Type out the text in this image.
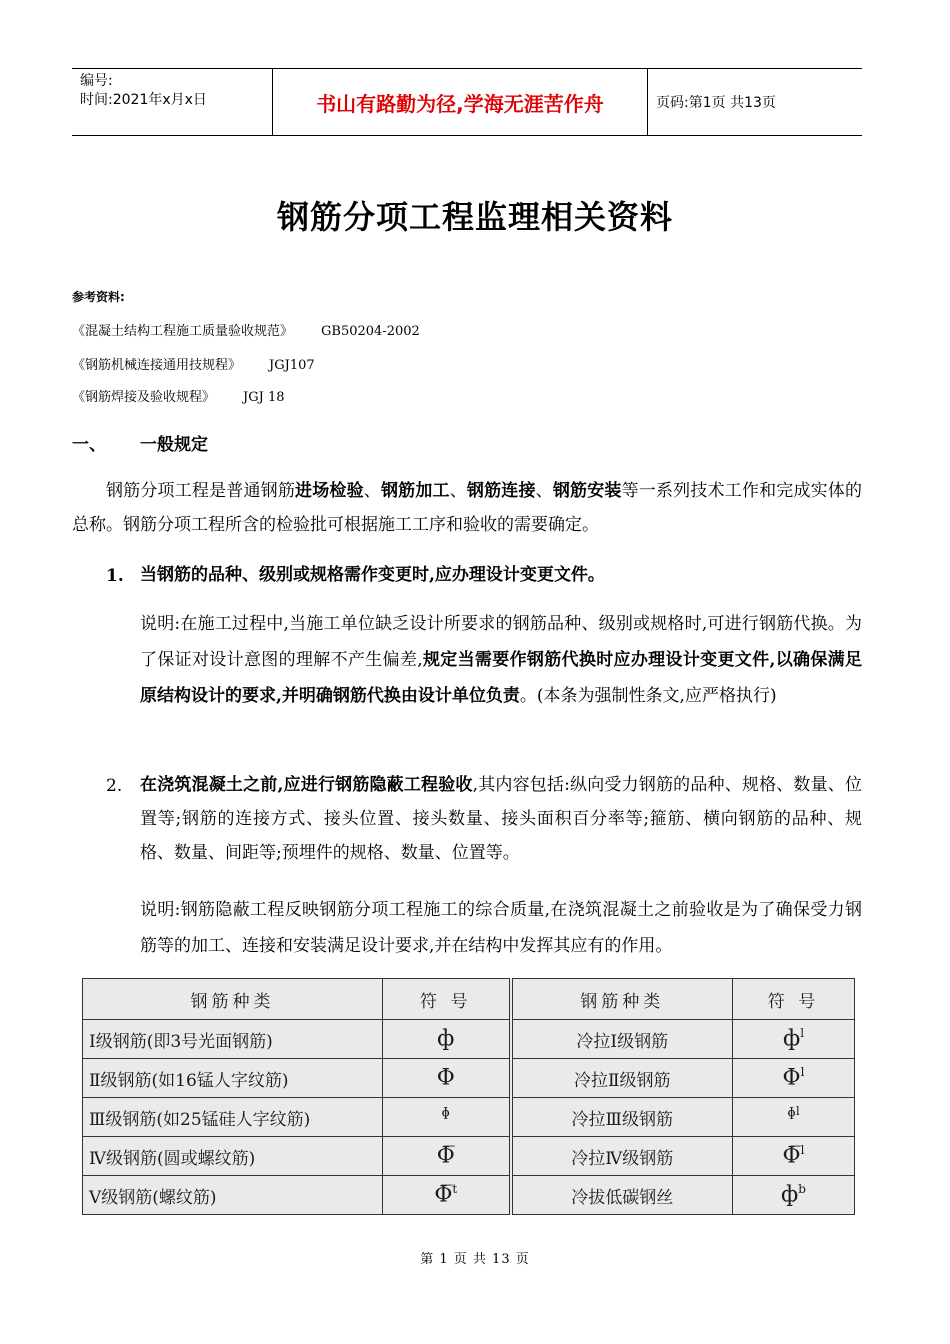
编号:
时间:2021年x月x日	书山有路勤为径,学海无涯苦作舟	页码:第1页 共13页
钢筋分项工程监理相关资料
参考资料:
《混凝土结构工程施工质量验收规范》 GB50204-2002
《钢筋机械连接通用技规程》 JGJ107
《钢筋焊接及验收规程》 JGJ 18
一、 一般规定
钢筋分项工程是普通钢筋进场检验、钢筋加工、钢筋连接、钢筋安装等一系列技术工作和完成实体的总称。钢筋分项工程所含的检验批可根据施工工序和验收的需要确定。
1. 当钢筋的品种、级别或规格需作变更时,应办理设计变更文件。
说明:在施工过程中,当施工单位缺乏设计所要求的钢筋品种、级别或规格时,可进行钢筋代换。为了保证对设计意图的理解不产生偏差,规定当需要作钢筋代换时应办理设计变更文件,以确保满足原结构设计的要求,并明确钢筋代换由设计单位负责。(本条为强制性条文,应严格执行)
2. 在浇筑混凝土之前,应进行钢筋隐蔽工程验收,其内容包括:纵向受力钢筋的品种、规格、数量、位置等;钢筋的连接方式、接头位置、接头数量、接头面积百分率等;箍筋、横向钢筋的品种、规格、数量、间距等;预埋件的规格、数量、位置等。
说明:钢筋隐蔽工程反映钢筋分项工程施工的综合质量,在浇筑混凝土之前验收是为了确保受力钢筋等的加工、连接和安装满足设计要求,并在结构中发挥其应有的作用。
钢筋种类	符 号	钢筋种类	符 号
Ⅰ级钢筋(即3号光面钢筋)	ф	冷拉Ⅰ级钢筋	$ф^l$
Ⅱ级钢筋(如16锰人字纹筋)	Φ	冷拉Ⅱ级钢筋	$\Phi^l$
Ⅲ级钢筋(如25锰硅人字纹筋)	ᶲ	冷拉Ⅲ级钢筋	ᶲ$^l$
Ⅳ级钢筋(圆或螺纹筋)	Φ̅	冷拉Ⅳ级钢筋	Φ̅$^l$
Ⅴ级钢筋(螺纹筋)	Φ̅$^t$	冷拔低碳钢丝	$ф^b$
第 1 页 共 13 页
